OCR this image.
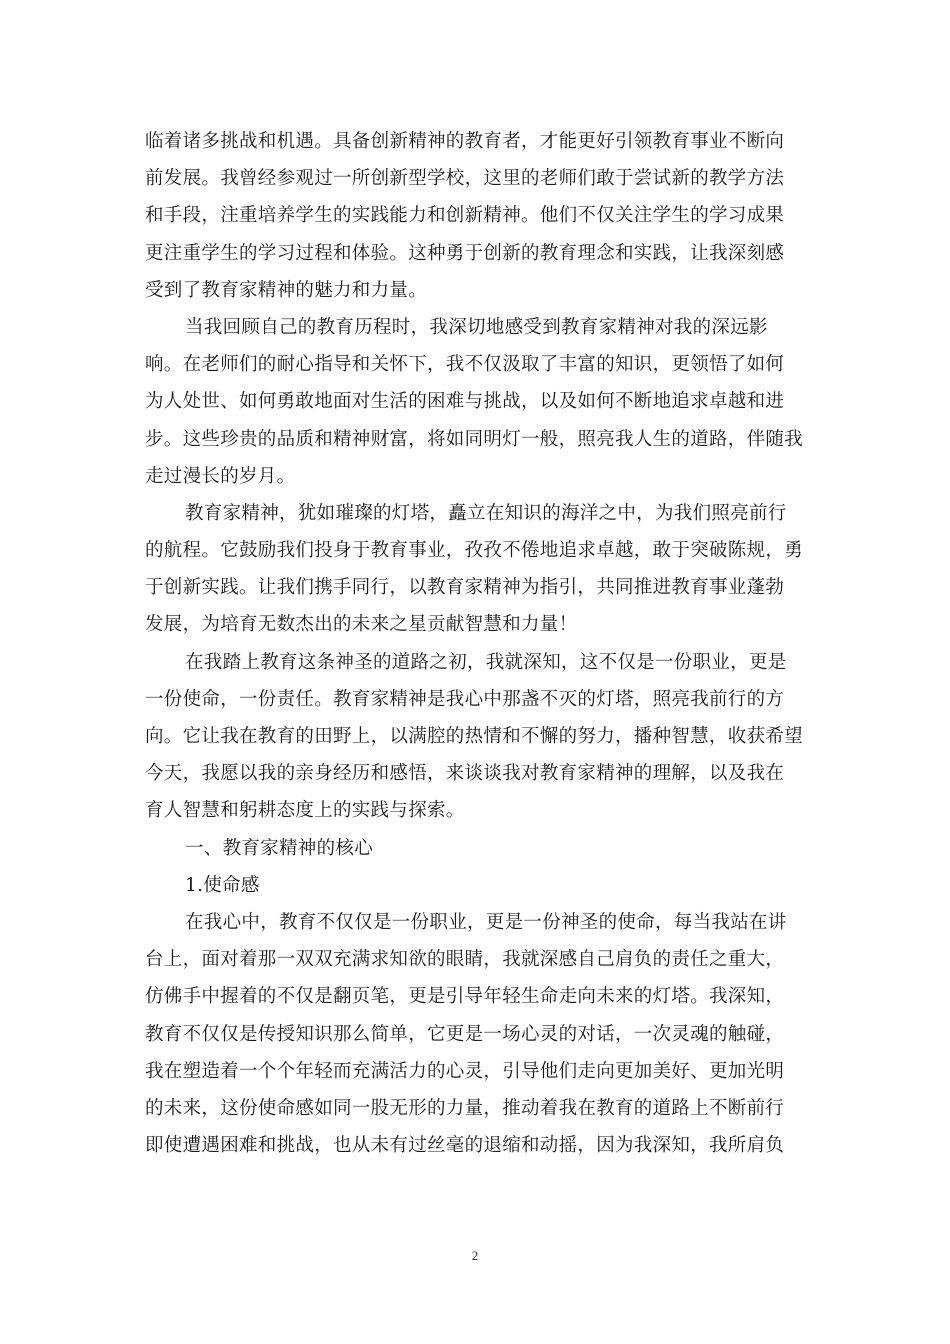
临着诸多挑战和机遇。具备创新精神的教育者，才能更好引领教育事业不断向
前发展。我曾经参观过一所创新型学校，这里的老师们敢于尝试新的教学方法
和手段，注重培养学生的实践能力和创新精神。他们不仅关注学生的学习成果
更注重学生的学习过程和体验。这种勇于创新的教育理念和实践，让我深刻感
受到了教育家精神的魅力和力量。
当我回顾自己的教育历程时，我深切地感受到教育家精神对我的深远影
响。在老师们的耐心指导和关怀下，我不仅汲取了丰富的知识，更领悟了如何
为人处世、如何勇敢地面对生活的困难与挑战，以及如何不断地追求卓越和进
步。这些珍贵的品质和精神财富，将如同明灯一般，照亮我人生的道路，伴随我
走过漫长的岁月。
教育家精神，犹如璀璨的灯塔，矗立在知识的海洋之中，为我们照亮前行
的航程。它鼓励我们投身于教育事业，孜孜不倦地追求卓越，敢于突破陈规，勇
于创新实践。让我们携手同行，以教育家精神为指引，共同推进教育事业蓬勃
发展，为培育无数杰出的未来之星贡献智慧和力量！
在我踏上教育这条神圣的道路之初，我就深知，这不仅是一份职业，更是
一份使命，一份责任。教育家精神是我心中那盏不灭的灯塔，照亮我前行的方
向。它让我在教育的田野上，以满腔的热情和不懈的努力，播种智慧，收获希望
今天，我愿以我的亲身经历和感悟，来谈谈我对教育家精神的理解，以及我在
育人智慧和躬耕态度上的实践与探索。
一、教育家精神的核心
1.使命感
在我心中，教育不仅仅是一份职业，更是一份神圣的使命，每当我站在讲
台上，面对着那一双双充满求知欲的眼睛，我就深感自己肩负的责任之重大，
仿佛手中握着的不仅是翻页笔，更是引导年轻生命走向未来的灯塔。我深知，
教育不仅仅是传授知识那么简单，它更是一场心灵的对话，一次灵魂的触碰，
我在塑造着一个个年轻而充满活力的心灵，引导他们走向更加美好、更加光明
的未来，这份使命感如同一股无形的力量，推动着我在教育的道路上不断前行
即使遭遇困难和挑战，也从未有过丝毫的退缩和动摇，因为我深知，我所肩负
2
